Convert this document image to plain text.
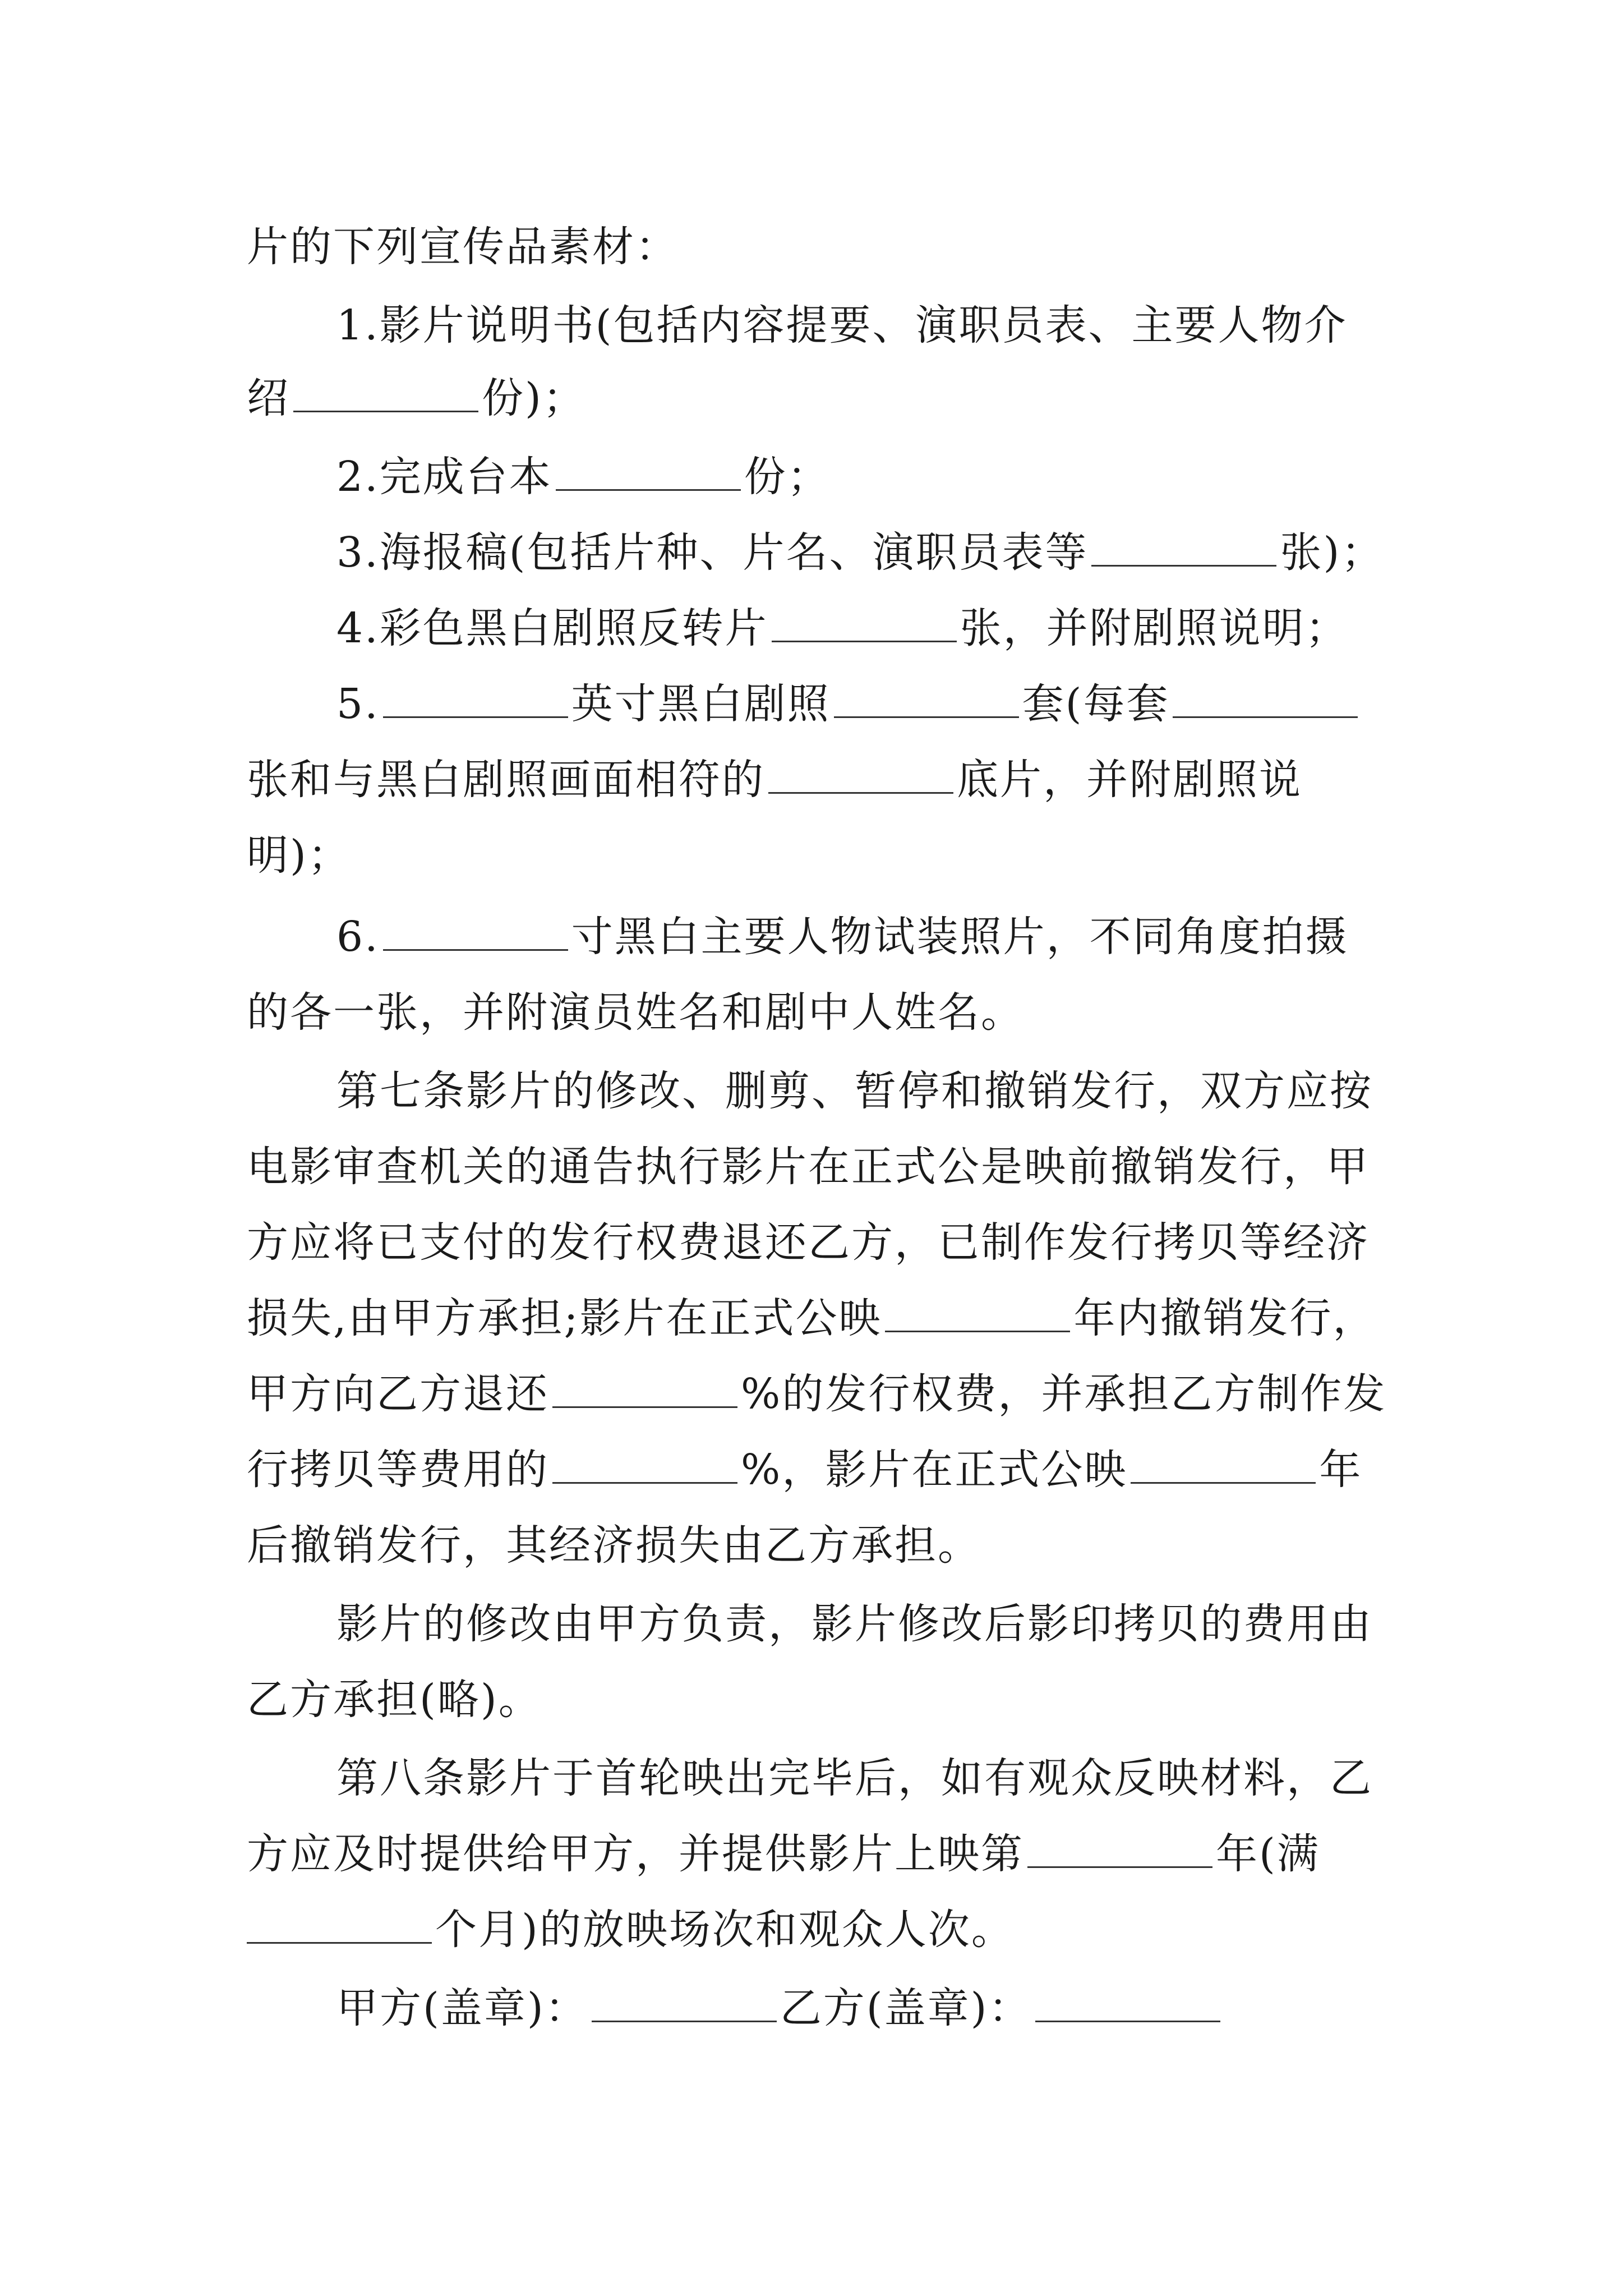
片的下列宣传品素材：
1.影片说明书(包括内容提要、演职员表、主要人物介
绍	份)；
2.完成台本	份；
3.海报稿(包括片种、片名、演职员表等	张)；
4.彩色黑白剧照反转片	张，并附剧照说明；
5.	英寸黑白剧照	套(每套
张和与黑白剧照画面相符的	底片，并附剧照说
明)；
6.	寸黑白主要人物试装照片，不同角度拍摄
的各一张，并附演员姓名和剧中人姓名。
第七条影片的修改、删剪、暂停和撤销发行，双方应按
电影审查机关的通告执行影片在正式公是映前撤销发行，甲
方应将已支付的发行权费退还乙方，已制作发行拷贝等经济
损失,由甲方承担;影片在正式公映	年内撤销发行，
甲方向乙方退还	%的发行权费，并承担乙方制作发
行拷贝等费用的	%，影片在正式公映	年
后撤销发行，其经济损失由乙方承担。
影片的修改由甲方负责，影片修改后影印拷贝的费用由
乙方承担(略)。
第八条影片于首轮映出完毕后，如有观众反映材料，乙
方应及时提供给甲方，并提供影片上映第	年(满
个月)的放映场次和观众人次。
甲方(盖章)：	乙方(盖章)：
